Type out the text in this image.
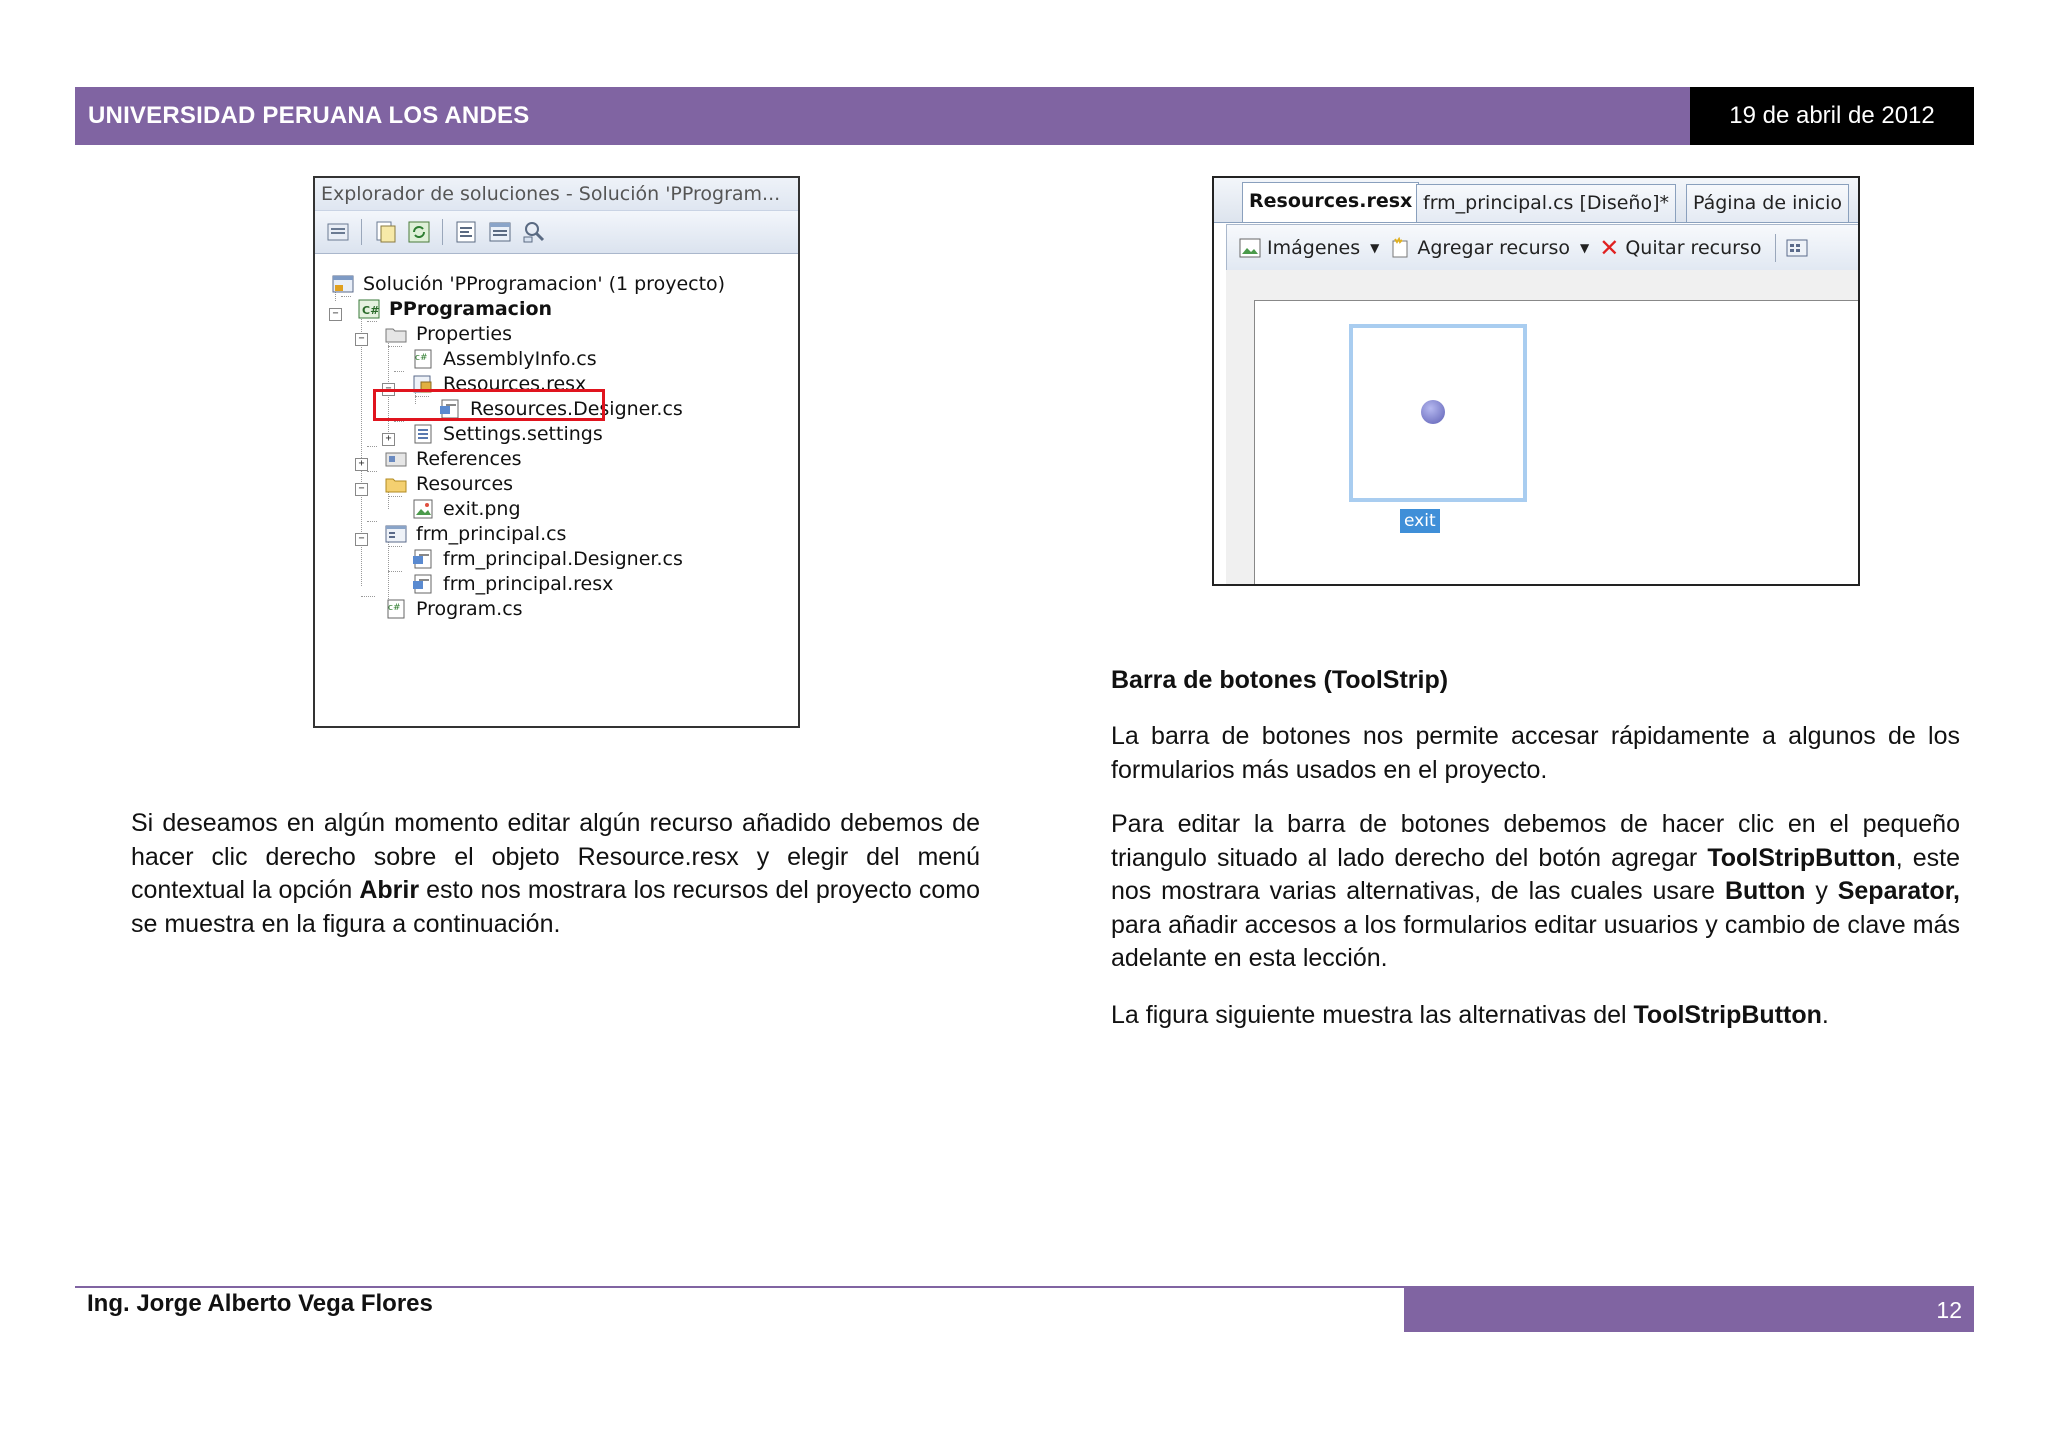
UNIVERSIDAD PERUANA LOS ANDES	19 de abril de 2012
Explorador de soluciones - Solución 'PProgram...
−
−
−
+
+
−
−
Solución 'PProgramacion' (1 proyecto)
C# PProgramacion
Properties
c# AssemblyInfo.cs
Resources.resx
Resources.Designer.cs
Settings.settings
References
Resources
exit.png
frm_principal.cs
frm_principal.Designer.cs
frm_principal.resx
c# Program.cs
Resources.resx frm_principal.cs [Diseño]*	Página de inicio
Imágenes ▼ Agregar recurso ▼ ✕ Quitar recurso
exit
Si deseamos en algún momento editar algún recurso añadido debemos de hacer clic derecho sobre el objeto Resource.resx y elegir del menú contextual la opción Abrir esto nos mostrara los recursos del proyecto como se muestra en la figura a continuación.
Barra de botones (ToolStrip)
La barra de botones nos permite accesar rápidamente a algunos de los formularios más usados en el proyecto.
Para editar la barra de botones debemos de hacer clic en el pequeño triangulo situado al lado derecho del botón agregar ToolStripButton, este nos mostrara varias alternativas, de las cuales usare Button y Separator, para añadir accesos a los formularios editar usuarios y cambio de clave más adelante en esta lección.
La figura siguiente muestra las alternativas del ToolStripButton.
Ing. Jorge Alberto Vega Flores	12
